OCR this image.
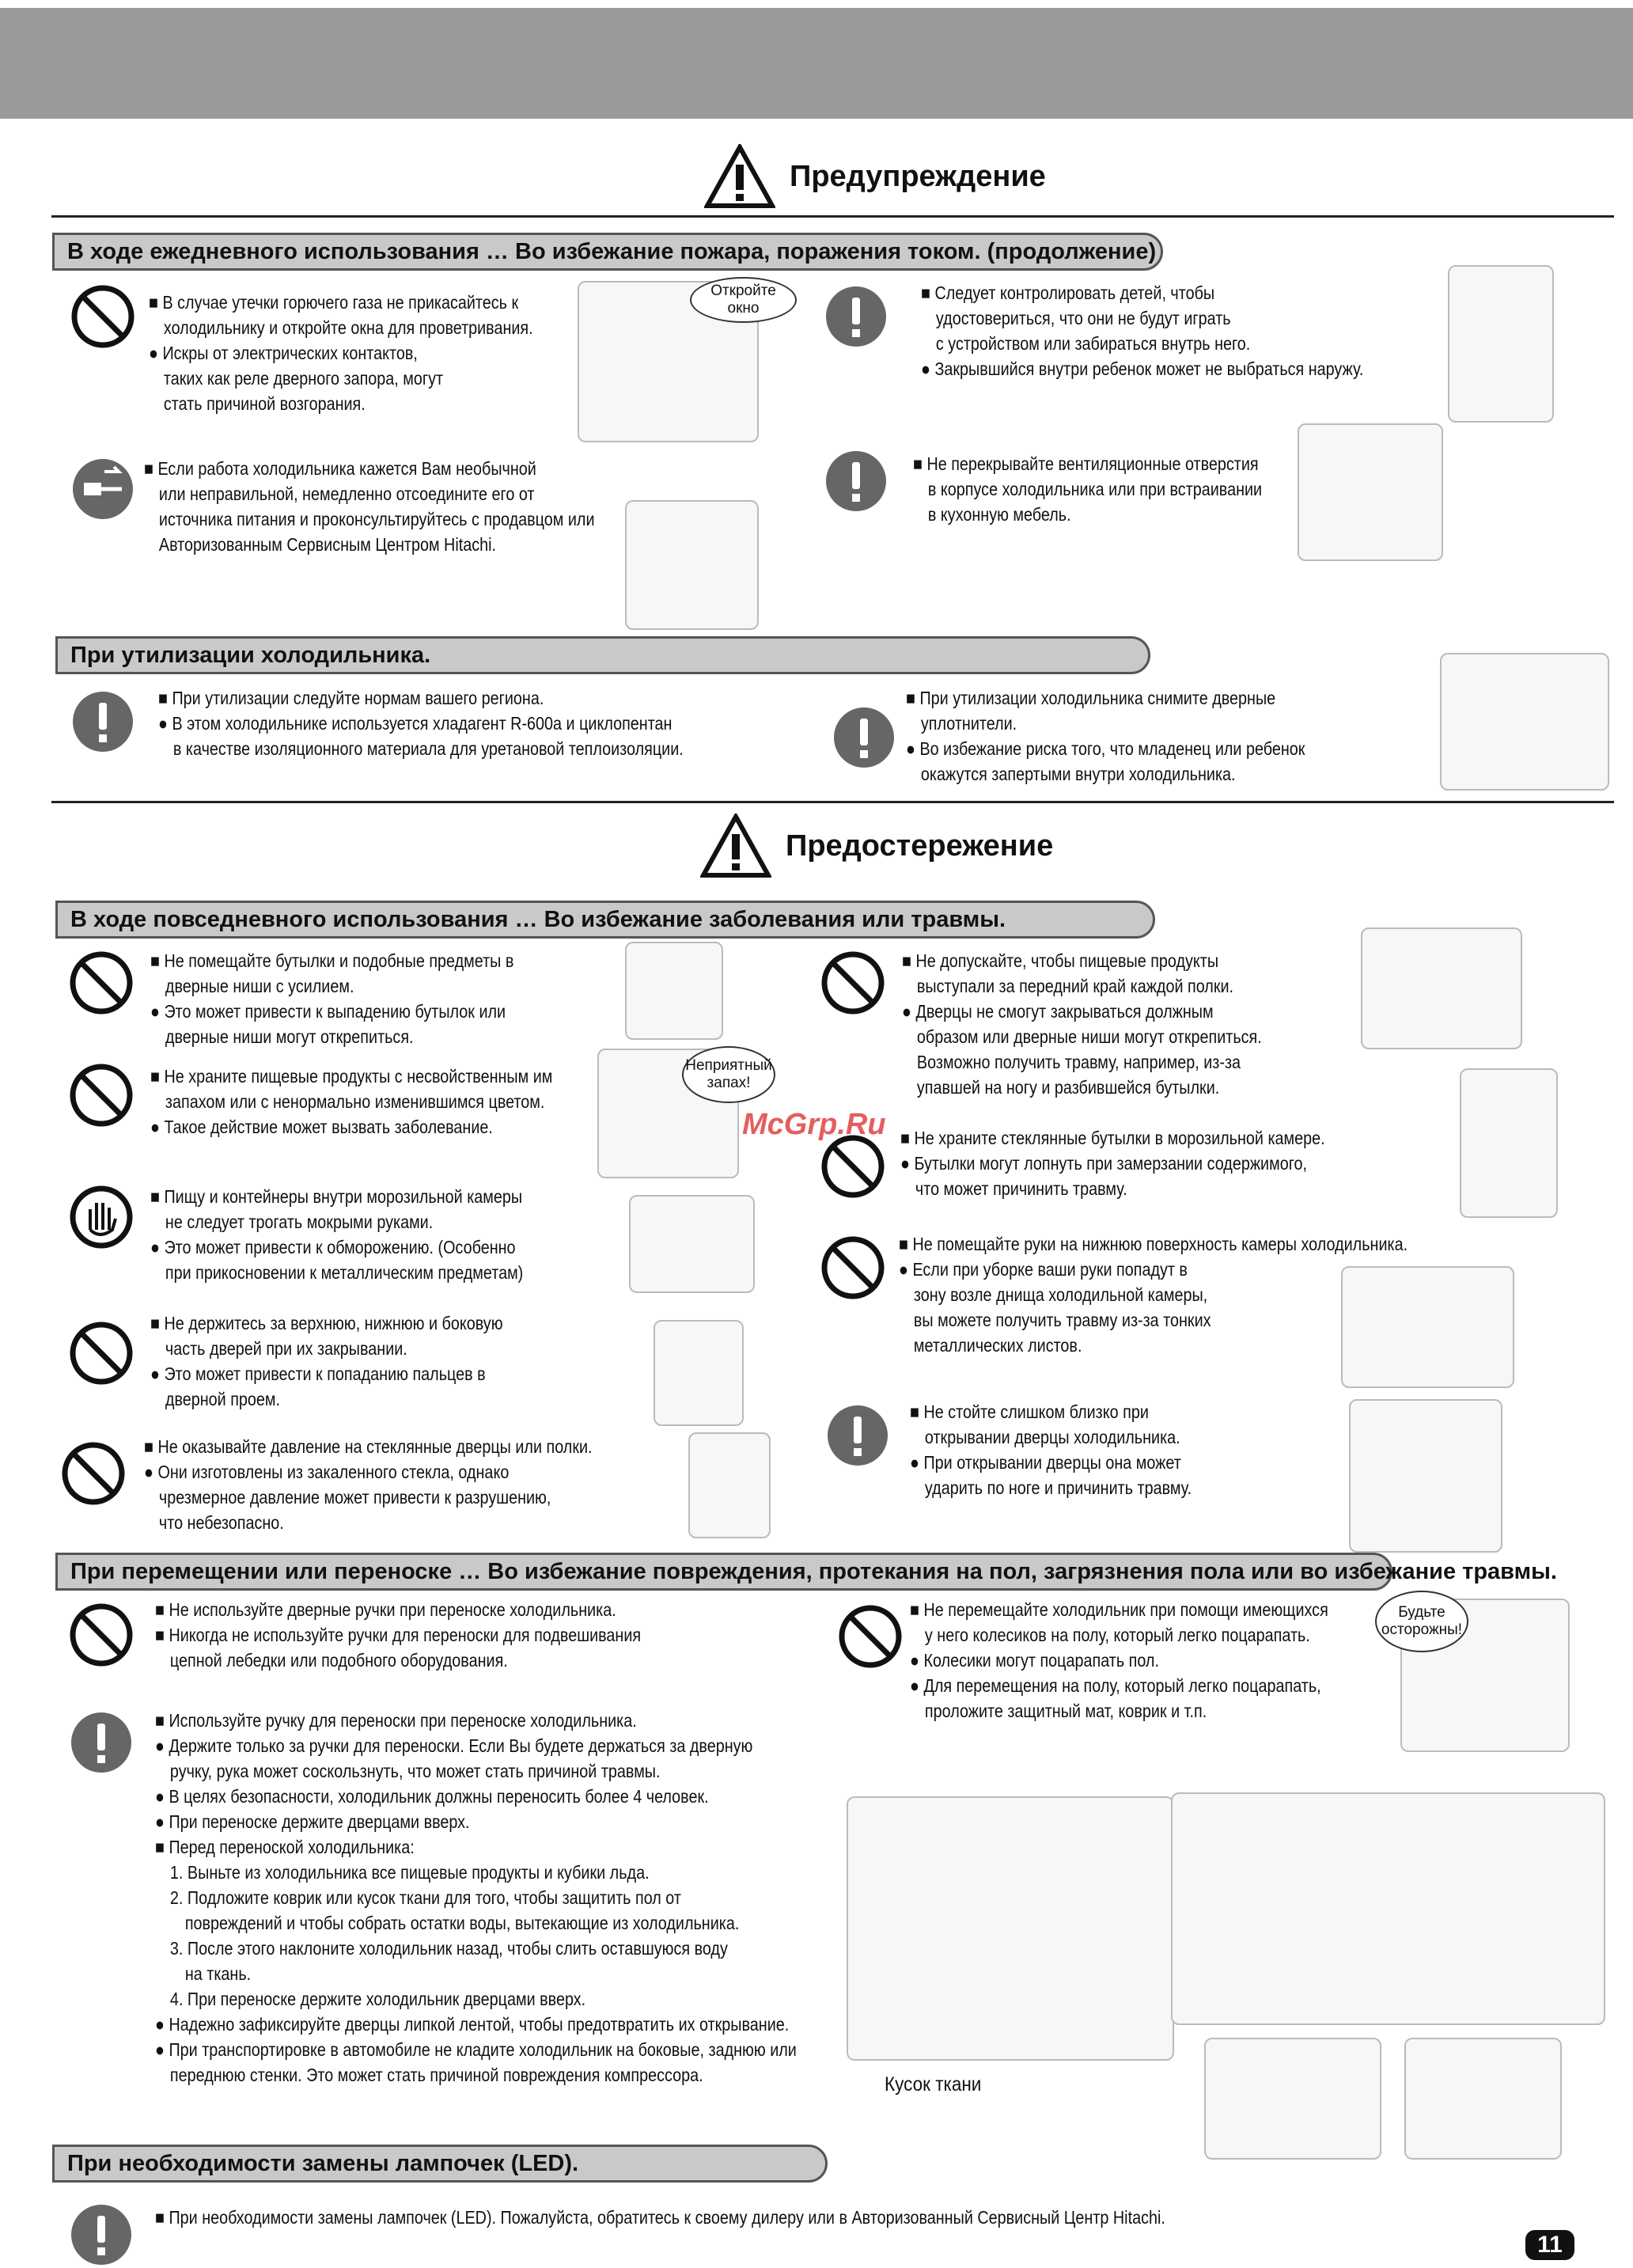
Предупреждение
В ходе ежедневного использования … Во избежание пожара, поражения током. (продолжение)
■ В случае утечки горючего газа не прикасайтесь к
холодильнику и откройте окна для проветривания.
● Искры от электрических контактов,
таких как реле дверного запора, могут
стать причиной возгорания.
Откройте окно
■ Если работа холодильника кажется Вам необычной
или неправильной, немедленно отсоедините его от
источника питания и проконсультируйтесь с продавцом или
Авторизованным Сервисным Центром Hitachi.
■ Следует контролировать детей, чтобы
удостовериться, что они не будут играть
с устройством или забираться внутрь него.
● Закрывшийся внутри ребенок может не выбраться наружу.
■ Не перекрывайте вентиляционные отверстия
в корпусе холодильника или при встраивании
в кухонную мебель.
При утилизации холодильника.
■ При утилизации следуйте нормам вашего региона.
● В этом холодильнике используется хладагент R-600a и циклопентан
в качестве изоляционного материала для уретановой теплоизоляции.
■ При утилизации холодильника снимите дверные
уплотнители.
● Во избежание риска того, что младенец или ребенок
окажутся запертыми внутри холодильника.
Предостережение
В ходе повседневного использования … Во избежание заболевания или травмы.
■ Не помещайте бутылки и подобные предметы в
дверные ниши с усилием.
● Это может привести к выпадению бутылок или
дверные ниши могут открепиться.
■ Не храните пищевые продукты с несвойственным им
запахом или с ненормально изменившимся цветом.
● Такое действие может вызвать заболевание.
Неприятный запах!
■ Пищу и контейнеры внутри морозильной камеры
не следует трогать мокрыми руками.
● Это может привести к обморожению. (Особенно
при прикосновении к металлическим предметам)
■ Не держитесь за верхнюю, нижнюю и боковую
часть дверей при их закрывании.
● Это может привести к попаданию пальцев в
дверной проем.
■ Не оказывайте давление на стеклянные дверцы или полки.
● Они изготовлены из закаленного стекла, однако
чрезмерное давление может привести к разрушению,
что небезопасно.
■ Не допускайте, чтобы пищевые продукты
выступали за передний край каждой полки.
● Дверцы не смогут закрываться должным
образом или дверные ниши могут открепиться.
Возможно получить травму, например, из-за
упавшей на ногу и разбившейся бутылки.
■ Не храните стеклянные бутылки в морозильной камере.
● Бутылки могут лопнуть при замерзании содержимого,
что может причинить травму.
■ Не помещайте руки на нижнюю поверхность камеры холодильника.
● Если при уборке ваши руки попадут в
зону возле днища холодильной камеры,
вы можете получить травму из-за тонких
металлических листов.
■ Не стойте слишком близко при
открывании дверцы холодильника.
● При открывании дверцы она может
ударить по ноге и причинить травму.
McGrp.Ru
При перемещении или переноске … Во избежание повреждения, протекания на пол, загрязнения пола или во избежание травмы.
■ Не используйте дверные ручки при переноске холодильника.
■ Никогда не используйте ручки для переноски для подвешивания
цепной лебедки или подобного оборудования.
■ Не перемещайте холодильник при помощи имеющихся
у него колесиков на полу, который легко поцарапать.
● Колесики могут поцарапать пол.
● Для перемещения на полу, который легко поцарапать,
проложите защитный мат, коврик и т.п.
Будьте осторожны!
■ Используйте ручку для переноски при переноске холодильника.
● Держите только за ручки для переноски. Если Вы будете держаться за дверную
ручку, рука может соскользнуть, что может стать причиной травмы.
● В целях безопасности, холодильник должны переносить более 4 человек.
● При переноске держите дверцами вверх.
■ Перед переноской холодильника:
1. Выньте из холодильника все пищевые продукты и кубики льда.
2. Подложите коврик или кусок ткани для того, чтобы защитить пол от
повреждений и чтобы собрать остатки воды, вытекающие из холодильника.
3. После этого наклоните холодильник назад, чтобы слить оставшуюся воду
на ткань.
4. При переноске держите холодильник дверцами вверх.
● Надежно зафиксируйте дверцы липкой лентой, чтобы предотвратить их открывание.
● При транспортировке в автомобиле не кладите холодильник на боковые, заднюю или
переднюю стенки. Это может стать причиной повреждения компрессора.	Кусок ткани
При необходимости замены лампочек (LED).
■ При необходимости замены лампочек (LED). Пожалуйста, обратитесь к своему дилеру или в Авторизованный Сервисный Центр Hitachi.
11
